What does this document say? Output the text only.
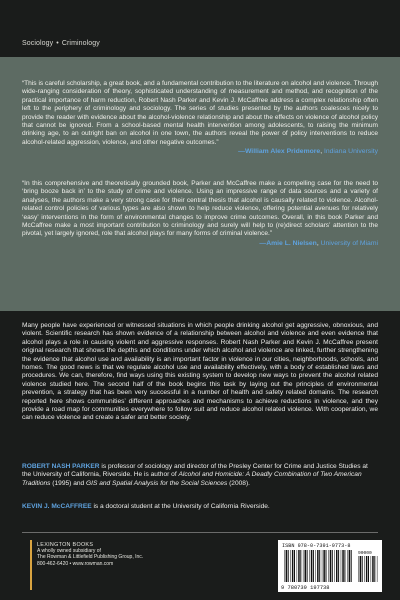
Sociology • Criminology
“This is careful scholarship, a great book, and a fundamental contribution to the literature on alcohol and violence. Through wide-ranging consideration of theory, sophisticated understanding of measurement and method, and recognition of the practical importance of harm reduction, Robert Nash Parker and Kevin J. McCaffree address a complex relationship often left to the periphery of criminology and sociology. The series of studies presented by the authors coalesces nicely to provide the reader with evidence about the alcohol-violence relationship and about the effects on violence of alcohol policy that cannot be ignored. From a school-based mental health intervention among adolescents, to raising the minimum drinking age, to an outright ban on alcohol in one town, the authors reveal the power of policy interventions to reduce alcohol-related aggression, violence, and other negative outcomes.”
—William Alex Pridemore, Indiana University
“In this comprehensive and theoretically grounded book, Parker and McCaffree make a compelling case for the need to ‘bring booze back in’ to the study of crime and violence. Using an impressive range of data sources and a variety of analyses, the authors make a very strong case for their central thesis that alcohol is causally related to violence. Alcohol-related control policies of various types are also shown to help reduce violence, offering potential avenues for relatively ‘easy’ interventions in the form of environmental changes to improve crime outcomes. Overall, in this book Parker and McCaffree make a most important contribution to criminology and surely will help to (re)direct scholars’ attention to the pivotal, yet largely ignored, role that alcohol plays for many forms of criminal violence.”
—Amie L. Nielsen, University of Miami
Many people have experienced or witnessed situations in which people drinking alcohol get aggressive, obnoxious, and violent. Scientific research has shown evidence of a relationship between alcohol and violence and even evidence that alcohol plays a role in causing violent and aggressive responses. Robert Nash Parker and Kevin J. McCaffree present original research that shows the depths and conditions under which alcohol and violence are linked, further strengthening the evidence that alcohol use and availability is an important factor in violence in our cities, neighborhoods, schools, and homes. The good news is that we regulate alcohol use and availability effectively, with a body of established laws and procedures. We can, therefore, find ways using this existing system to develop new ways to prevent the alcohol related violence studied here. The second half of the book begins this task by laying out the principles of environmental prevention, a strategy that has been very successful in a number of health and safety related domains. The research reported here shows communities’ different approaches and mechanisms to achieve reductions in violence, and they provide a road map for communities everywhere to follow suit and reduce alcohol related violence. With cooperation, we can reduce violence and create a safer and better society.
ROBERT NASH PARKER is professor of sociology and director of the Presley Center for Crime and Justice Studies at the University of California, Riverside. He is author of Alcohol and Homicide: A Deadly Combination of Two American Traditions (1995) and GIS and Spatial Analysis for the Social Sciences (2008).
KEVIN J. McCAFFREE is a doctoral student at the University of California Riverside.
LEXINGTON BOOKS
A wholly owned subsidiary of
The Rowman & Littlefield Publishing Group, Inc.
800-462-6420 • www.rowman.com
ISBN 978-0-7391-9773-8
90000
9 780739 197738
